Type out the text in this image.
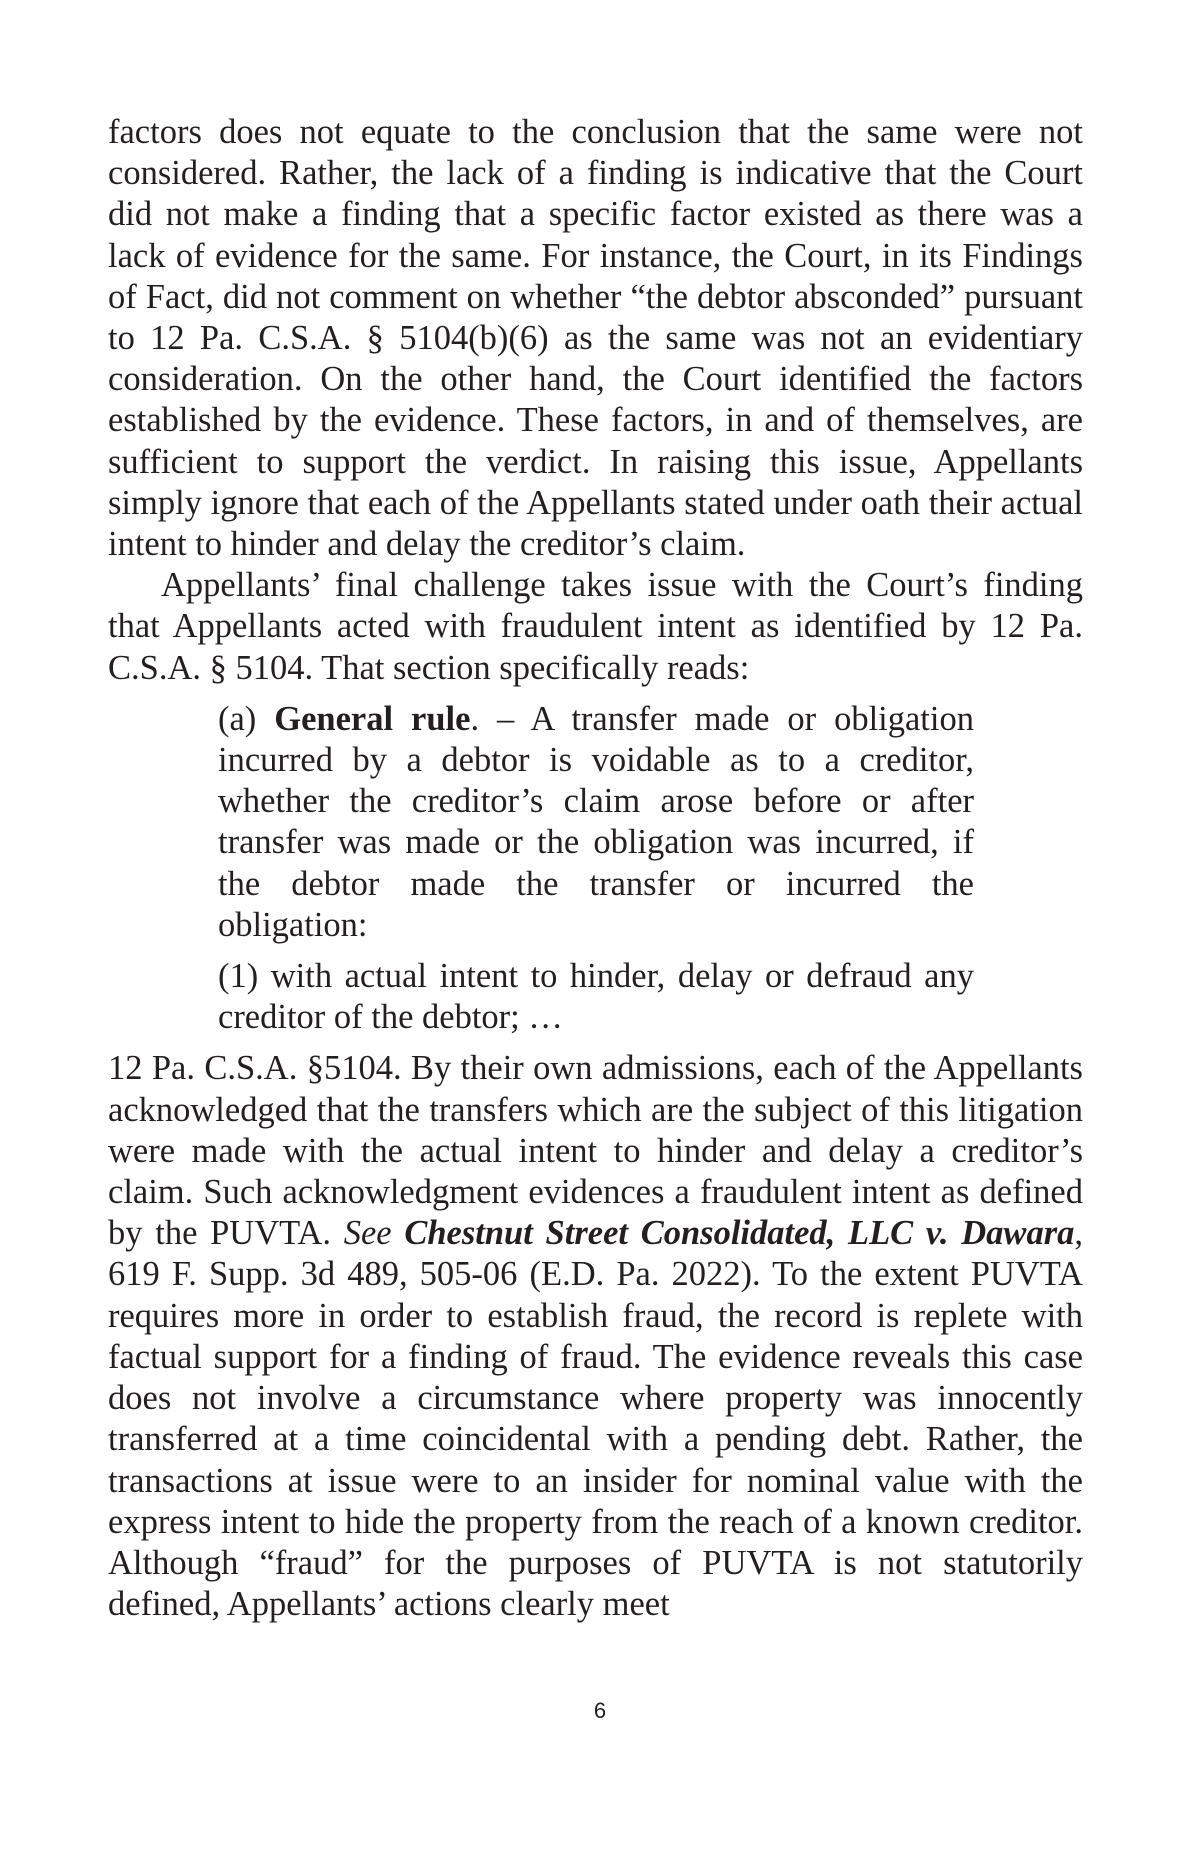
factors does not equate to the conclusion that the same were not considered. Rather, the lack of a finding is indicative that the Court did not make a finding that a specific factor existed as there was a lack of evidence for the same. For instance, the Court, in its Findings of Fact, did not comment on whether “the debtor absconded” pursuant to 12 Pa. C.S.A. § 5104(b)(6) as the same was not an evidentiary consideration. On the other hand, the Court identified the factors established by the evidence. These factors, in and of themselves, are sufficient to support the verdict. In raising this issue, Appellants simply ignore that each of the Appellants stated under oath their actual intent to hinder and delay the creditor’s claim.

Appellants’ final challenge takes issue with the Court’s finding that Appellants acted with fraudulent intent as identified by 12 Pa. C.S.A. § 5104. That section specifically reads:

(a) General rule. – A transfer made or obligation incurred by a debtor is voidable as to a creditor, whether the creditor’s claim arose before or after transfer was made or the obligation was incurred, if the debtor made the transfer or incurred the obligation:

(1) with actual intent to hinder, delay or defraud any creditor of the debtor; …

12 Pa. C.S.A. §5104. By their own admissions, each of the Appellants acknowledged that the transfers which are the subject of this litigation were made with the actual intent to hinder and delay a creditor’s claim. Such acknowledgment evidences a fraudulent intent as defined by the PUVTA. See Chestnut Street Consolidated, LLC v. Dawara, 619 F. Supp. 3d 489, 505-06 (E.D. Pa. 2022). To the extent PUVTA requires more in order to establish fraud, the record is replete with factual support for a finding of fraud. The evidence reveals this case does not involve a circumstance where property was innocently transferred at a time coincidental with a pending debt. Rather, the transactions at issue were to an insider for nominal value with the express intent to hide the property from the reach of a known creditor. Although “fraud” for the purposes of PUVTA is not statutorily defined, Appellants’ actions clearly meet

6
